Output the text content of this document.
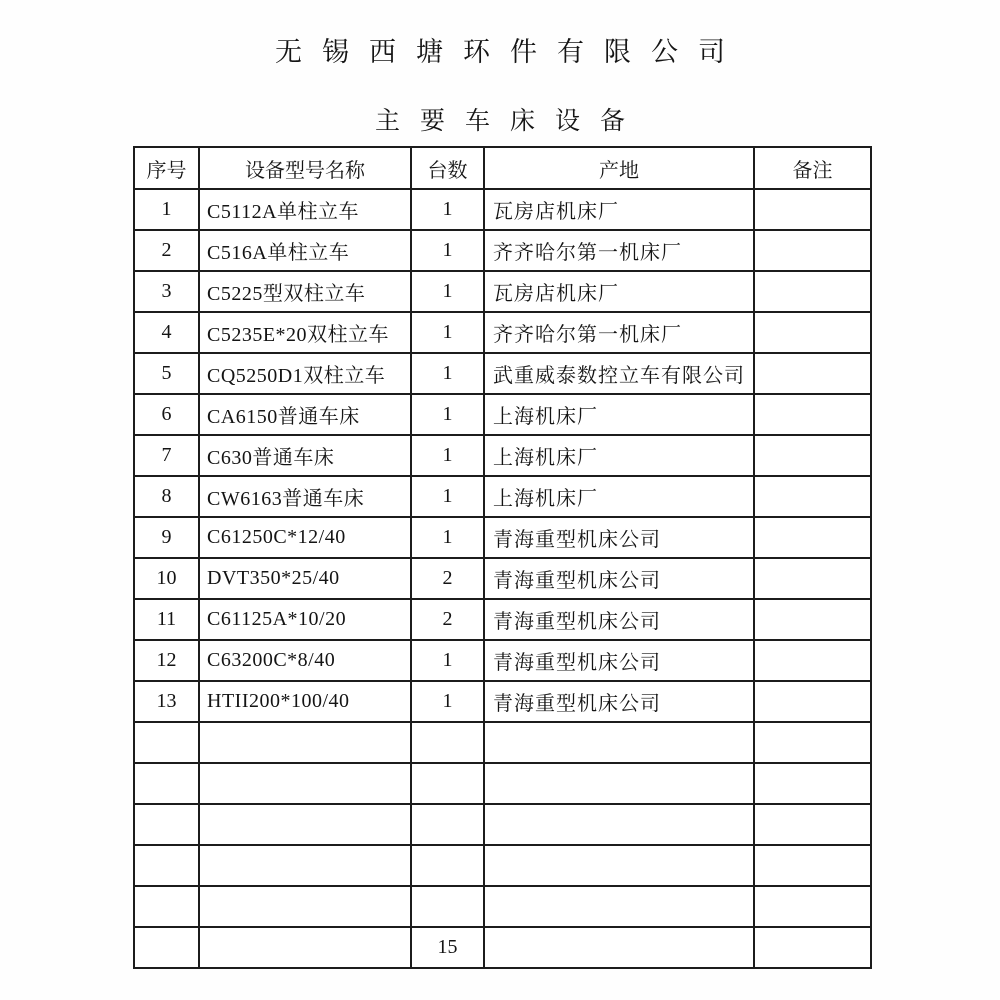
无锡西塘环件有限公司
主要车床设备
序号	设备型号名称	台数	产地	备注
1	C5112A单柱立车	1	瓦房店机床厂	
2	C516A单柱立车	1	齐齐哈尔第一机床厂	
3	C5225型双柱立车	1	瓦房店机床厂	
4	C5235E*20双柱立车	1	齐齐哈尔第一机床厂	
5	CQ5250D1双柱立车	1	武重威泰数控立车有限公司	
6	CA6150普通车床	1	上海机床厂	
7	C630普通车床	1	上海机床厂	
8	CW6163普通车床	1	上海机床厂	
9	C61250C*12/40	1	青海重型机床公司	
10	DVT350*25/40	2	青海重型机床公司	
11	C61125A*10/20	2	青海重型机床公司	
12	C63200C*8/40	1	青海重型机床公司	
13	HTII200*100/40	1	青海重型机床公司	

		15		
